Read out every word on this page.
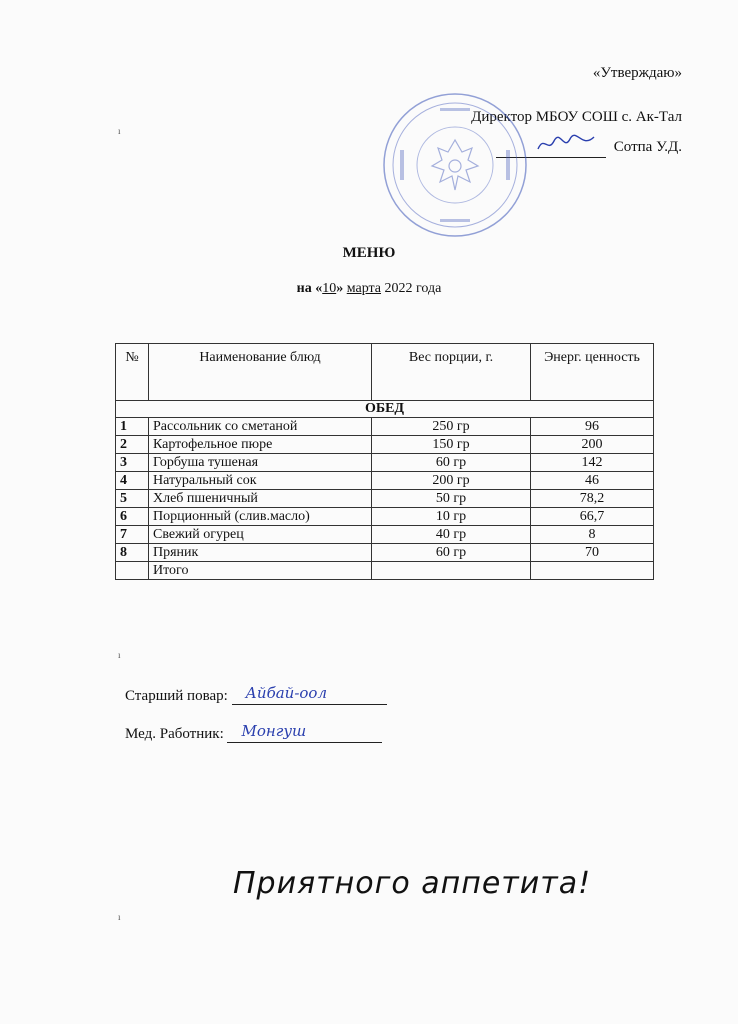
«Утверждаю»
Директор МБОУ СОШ с. Ак-Тал
Сотпа У.Д.
МЕНЮ
на «10» марта 2022 года
№	Наименование блюд	Вес порции, г.	Энерг. ценность
ОБЕД			
1	Рассольник со сметаной	250 гр	96
2	Картофельное пюре	150 гр	200
3	Горбуша тушеная	60 гр	142
4	Натуральный сок	200 гр	46
5	Хлеб пшеничный	50 гр	78,2
6	Порционный (слив.масло)	10 гр	66,7
7	Свежий огурец	40 гр	8
8	Пряник	60 гр	70
	Итого		
Старший повар: Айбай-оол
Мед. Работник: Монгуш
Приятного аппетита!
ı
ı
ı
